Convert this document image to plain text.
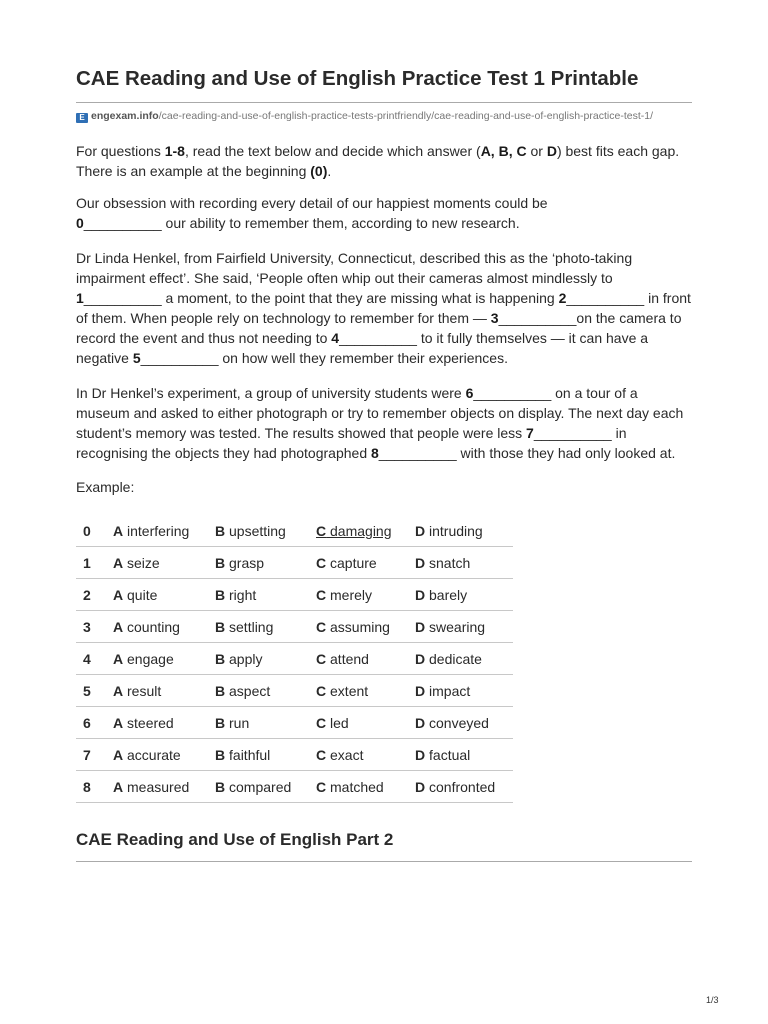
CAE Reading and Use of English Practice Test 1 Printable
E engexam.info/cae-reading-and-use-of-english-practice-tests-printfriendly/cae-reading-and-use-of-english-practice-test-1/

For questions 1-8, read the text below and decide which answer (A, B, C or D) best fits each gap. There is an example at the beginning (0).

Our obsession with recording every detail of our happiest moments could be
0__________ our ability to remember them, according to new research.

Dr Linda Henkel, from Fairfield University, Connecticut, described this as the ‘photo-taking impairment effect’. She said, ‘People often whip out their cameras almost mindlessly to 1__________ a moment, to the point that they are missing what is happening 2__________ in front of them. When people rely on technology to remember for them — 3__________on the camera to record the event and thus not needing to 4__________ to it fully themselves — it can have a negative 5__________ on how well they remember their experiences.

In Dr Henkel’s experiment, a group of university students were 6__________ on a tour of a museum and asked to either photograph or try to remember objects on display. The next day each student’s memory was tested. The results showed that people were less 7__________ in recognising the objects they had photographed 8__________ with those they had only looked at.

Example:

0	A interfering	B upsetting	C damaging	D intruding
1	A seize	B grasp	C capture	D snatch
2	A quite	B right	C merely	D barely
3	A counting	B settling	C assuming	D swearing
4	A engage	B apply	C attend	D dedicate
5	A result	B aspect	C extent	D impact
6	A steered	B run	C led	D conveyed
7	A accurate	B faithful	C exact	D factual
8	A measured	B compared	C matched	D confronted
CAE Reading and Use of English Part 2
1/3
